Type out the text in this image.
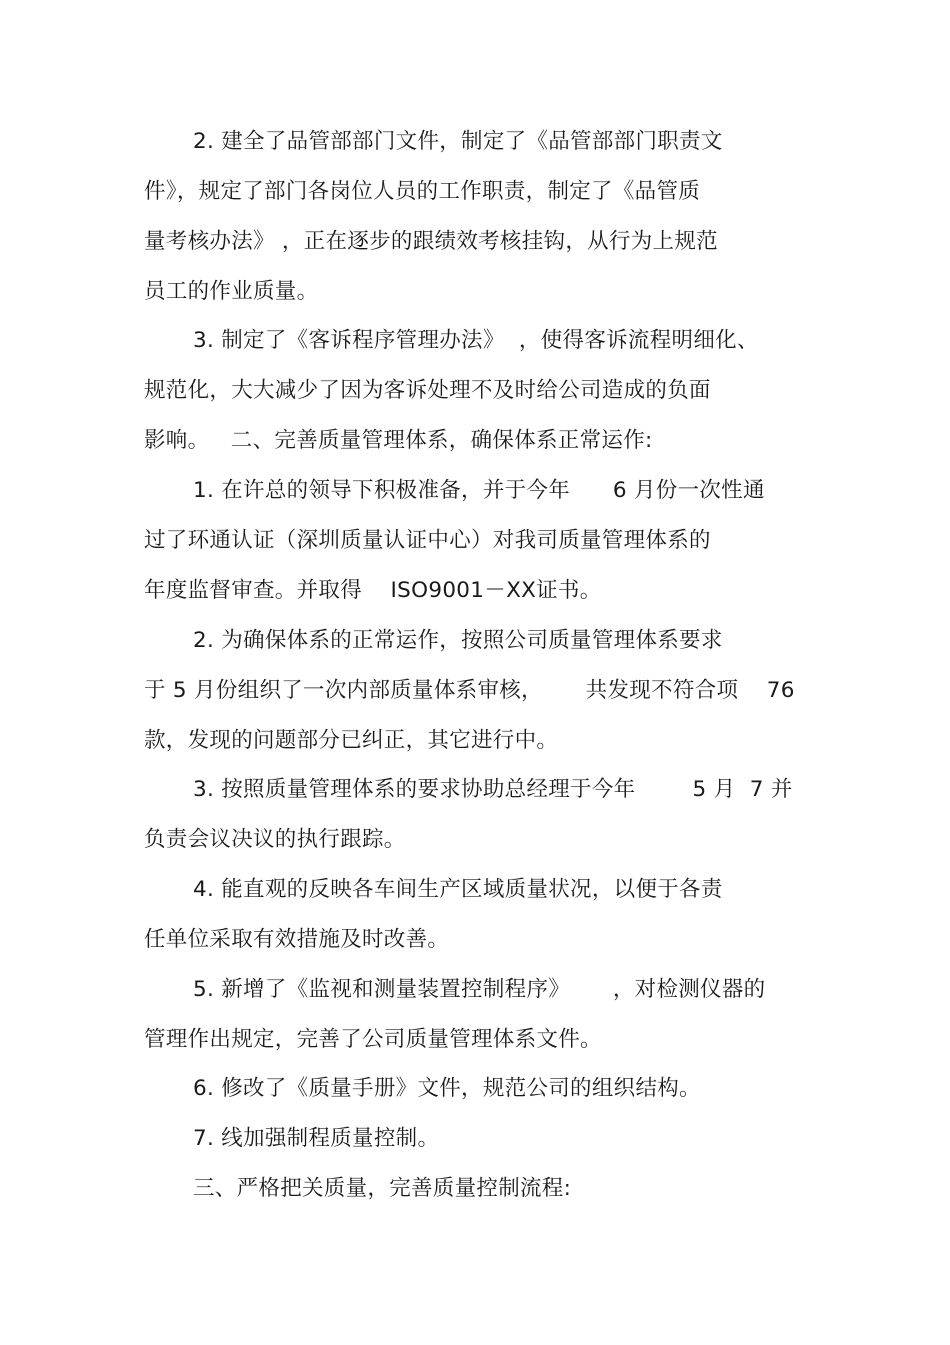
2. 建全了品管部部门文件，制定了《品管部部门职责文
件》，规定了部门各岗位人员的工作职责，制定了《品管质
量考核办法》 ，正在逐步的跟绩效考核挂钩，从行为上规范
员工的作业质量。
3. 制定了《客诉程序管理办法》  ，使得客诉流程明细化、
规范化，大大减少了因为客诉处理不及时给公司造成的负面
影响。   二、完善质量管理体系，确保体系正常运作:
1. 在许总的领导下积极准备，并于今年      6 月份一次性通
过了环通认证（深圳质量认证中心）对我司质量管理体系的
年度监督审查。并取得    ISO9001－XX证书。
2. 为确保体系的正常运作，按照公司质量管理体系要求
于 5 月份组织了一次内部质量体系审核，      共发现不符合项    76
款，发现的问题部分已纠正，其它进行中。
3. 按照质量管理体系的要求协助总经理于今年        5 月  7 并
负责会议决议的执行跟踪。
4. 能直观的反映各车间生产区域质量状况，以便于各责
任单位采取有效措施及时改善。
5. 新增了《监视和测量装置控制程序》      ，对检测仪器的
管理作出规定，完善了公司质量管理体系文件。
6. 修改了《质量手册》文件，规范公司的组织结构。
7. 线加强制程质量控制。
三、严格把关质量，完善质量控制流程:
